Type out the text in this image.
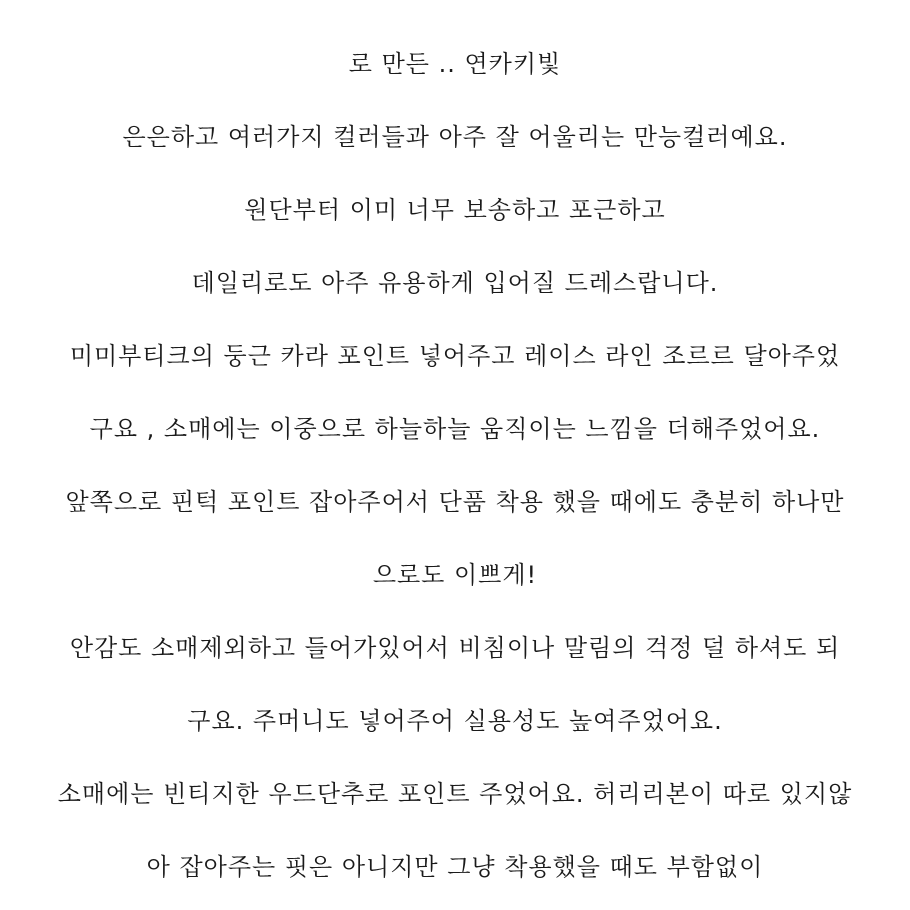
로 만든 .. 연카키빛
은은하고 여러가지 컬러들과 아주 잘 어울리는 만능컬러예요.
원단부터 이미 너무 보송하고 포근하고
데일리로도 아주 유용하게 입어질 드레스랍니다.
미미부티크의 둥근 카라 포인트 넣어주고 레이스 라인 조르르 달아주었
구요 , 소매에는 이중으로 하늘하늘 움직이는 느낌을 더해주었어요.
앞쪽으로 핀턱 포인트 잡아주어서 단품 착용 했을 때에도 충분히 하나만
으로도 이쁘게!
안감도 소매제외하고 들어가있어서 비침이나 말림의 걱정 덜 하셔도 되
구요. 주머니도 넣어주어 실용성도 높여주었어요.
소매에는 빈티지한 우드단추로 포인트 주었어요. 허리리본이 따로 있지않
아 잡아주는 핏은 아니지만 그냥 착용했을 때도 부함없이
